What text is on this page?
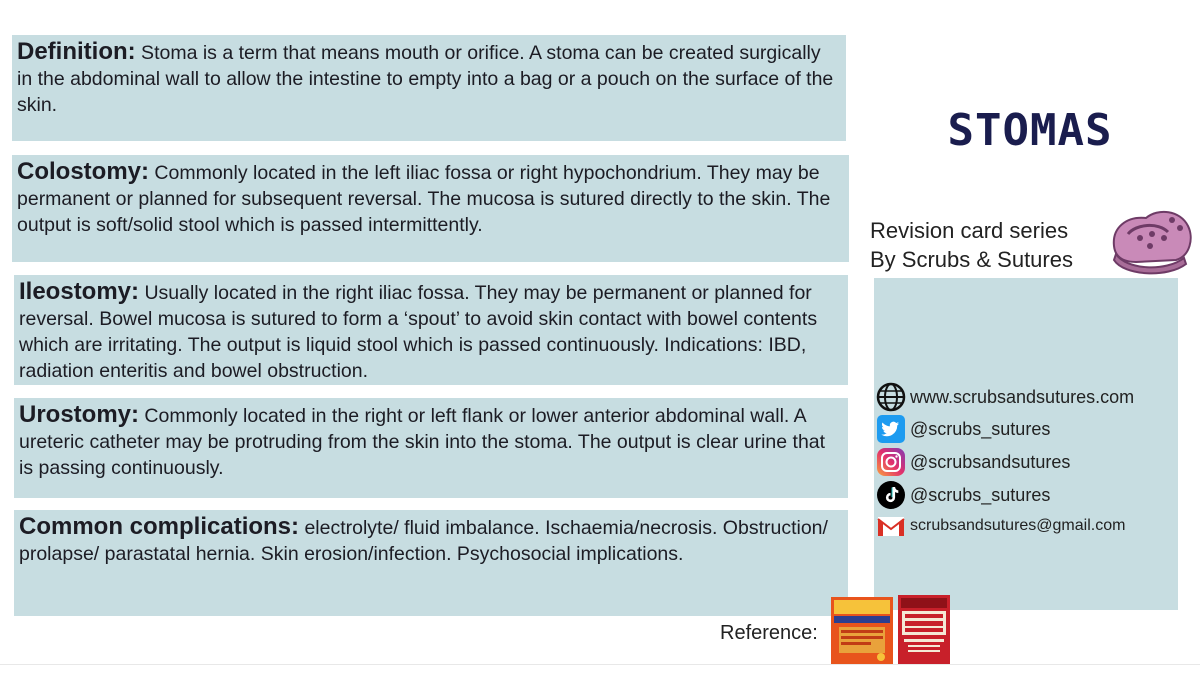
Definition: Stoma is a term that means mouth or orifice. A stoma can be created surgically in the abdominal wall to allow the intestine to empty into a bag or a pouch on the surface of the skin.
Colostomy: Commonly located in the left iliac fossa or right hypochondrium. They may be permanent or planned for subsequent reversal. The mucosa is sutured directly to the skin. The output is soft/solid stool which is passed intermittently.
Ileostomy: Usually located in the right iliac fossa. They may be permanent or planned for reversal. Bowel mucosa is sutured to form a ‘spout’ to avoid skin contact with bowel contents which are irritating. The output is liquid stool which is passed continuously. Indications: IBD, radiation enteritis and bowel obstruction.
Urostomy: Commonly located in the right or left flank or lower anterior abdominal wall. A ureteric catheter may be protruding from the skin into the stoma. The output is clear urine that is passing continuously.
Common complications: electrolyte/ fluid imbalance. Ischaemia/necrosis. Obstruction/ prolapse/ parastatal hernia. Skin erosion/infection. Psychosocial implications.
STOMAS
Revision card series
By Scrubs & Sutures
www.scrubsandsutures.com
@scrubs_sutures
@scrubsandsutures
@scrubs_sutures
scrubsandsutures@gmail.com
Reference:
